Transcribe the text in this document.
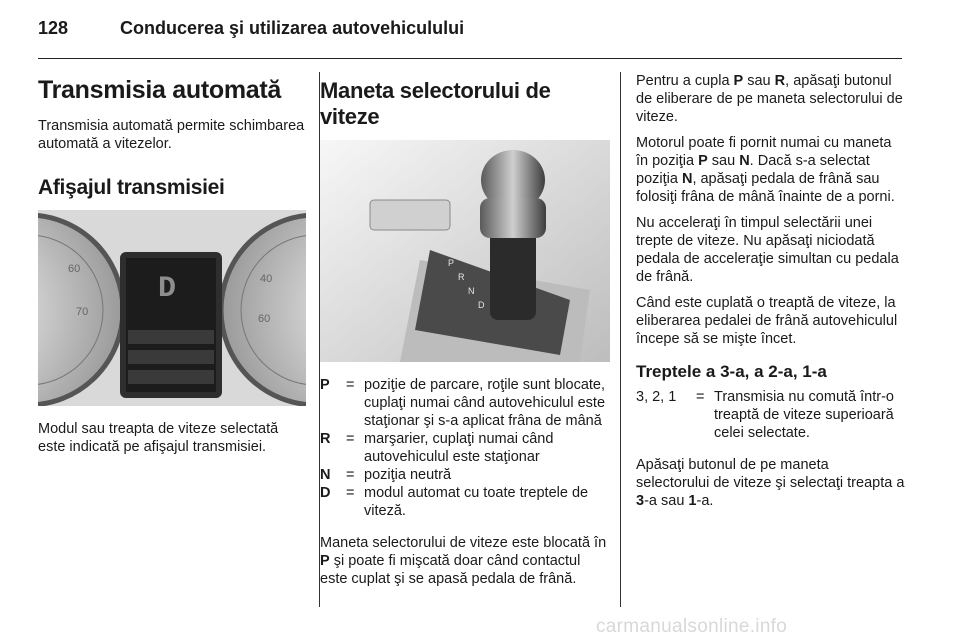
128	Conducerea şi utilizarea autovehiculului
Transmisia automată

Transmisia automată permite schimbarea automată a vitezelor.

Afişajul transmisiei
60
70
40
60
D

Modul sau treapta de viteze selectată este indicată pe afişajul transmisiei.

Maneta selectorului de viteze
P
R
N
D
P	= poziţie de parcare, roţile sunt blocate, cuplaţi numai când autovehiculul este staţionar şi s-a aplicat frâna de mână
R	= marşarier, cuplaţi numai când autovehiculul este staţionar
N	= poziţia neutră
D	= modul automat cu toate treptele de viteză.

Maneta selectorului de viteze este blocată în P şi poate fi mişcată doar când contactul este cuplat şi se apasă pedala de frână.

Pentru a cupla P sau R, apăsaţi butonul de eliberare de pe maneta selectorului de viteze.

Motorul poate fi pornit numai cu maneta în poziţia P sau N. Dacă s-a selectat poziţia N, apăsaţi pedala de frână sau folosiţi frâna de mână înainte de a porni.

Nu acceleraţi în timpul selectării unei trepte de viteze. Nu apăsaţi niciodată pedala de acceleraţie simultan cu pedala de frână.

Când este cuplată o treaptă de viteze, la eliberarea pedalei de frână autovehiculul începe să se mişte încet.

Treptele a 3-a, a 2-a, 1-a
3, 2, 1	= Transmisia nu comută într-o treaptă de viteze superioară celei selectate.

Apăsaţi butonul de pe maneta selectorului de viteze şi selectaţi treapta a 3-a sau 1-a.

carmanualsonline.info
